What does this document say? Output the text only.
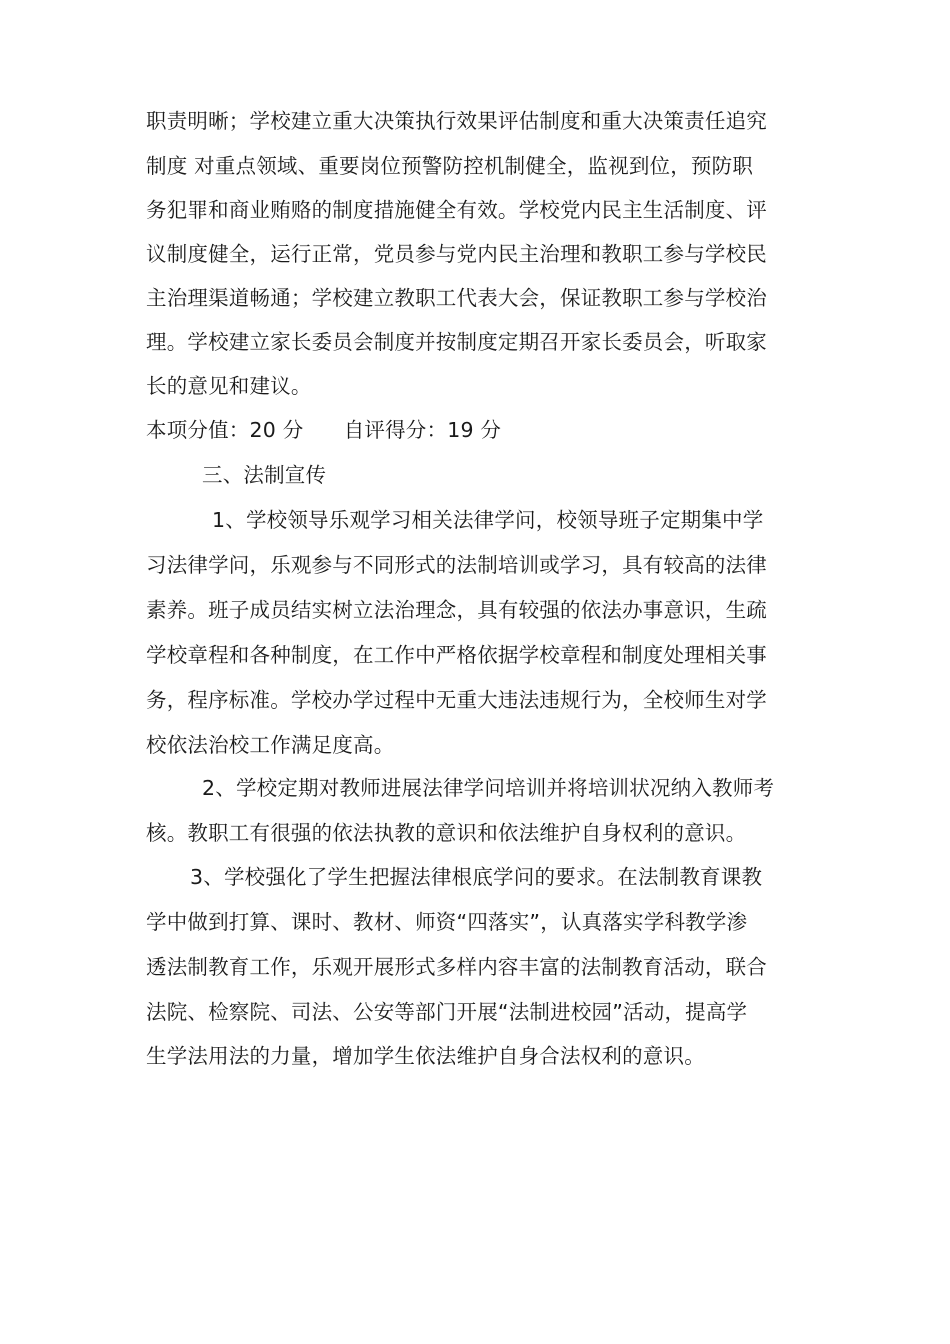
职责明晰；学校建立重大决策执行效果评估制度和重大决策责任追究
制度 对重点领域、重要岗位预警防控机制健全，监视到位，预防职
务犯罪和商业贿赂的制度措施健全有效。学校党内民主生活制度、评
议制度健全，运行正常，党员参与党内民主治理和教职工参与学校民
主治理渠道畅通；学校建立教职工代表大会，保证教职工参与学校治
理。学校建立家长委员会制度并按制度定期召开家长委员会，听取家
长的意见和建议。
本项分值：20 分      自评得分：19 分
三、法制宣传
1、学校领导乐观学习相关法律学问，校领导班子定期集中学
习法律学问，乐观参与不同形式的法制培训或学习，具有较高的法律
素养。班子成员结实树立法治理念，具有较强的依法办事意识，生疏
学校章程和各种制度，在工作中严格依据学校章程和制度处理相关事
务，程序标准。学校办学过程中无重大违法违规行为，全校师生对学
校依法治校工作满足度高。
2、学校定期对教师进展法律学问培训并将培训状况纳入教师考
核。教职工有很强的依法执教的意识和依法维护自身权利的意识。
3、学校强化了学生把握法律根底学问的要求。在法制教育课教
学中做到打算、课时、教材、师资“四落实”，认真落实学科教学渗
透法制教育工作，乐观开展形式多样内容丰富的法制教育活动，联合
法院、检察院、司法、公安等部门开展“法制进校园”活动，提高学
生学法用法的力量，增加学生依法维护自身合法权利的意识。
